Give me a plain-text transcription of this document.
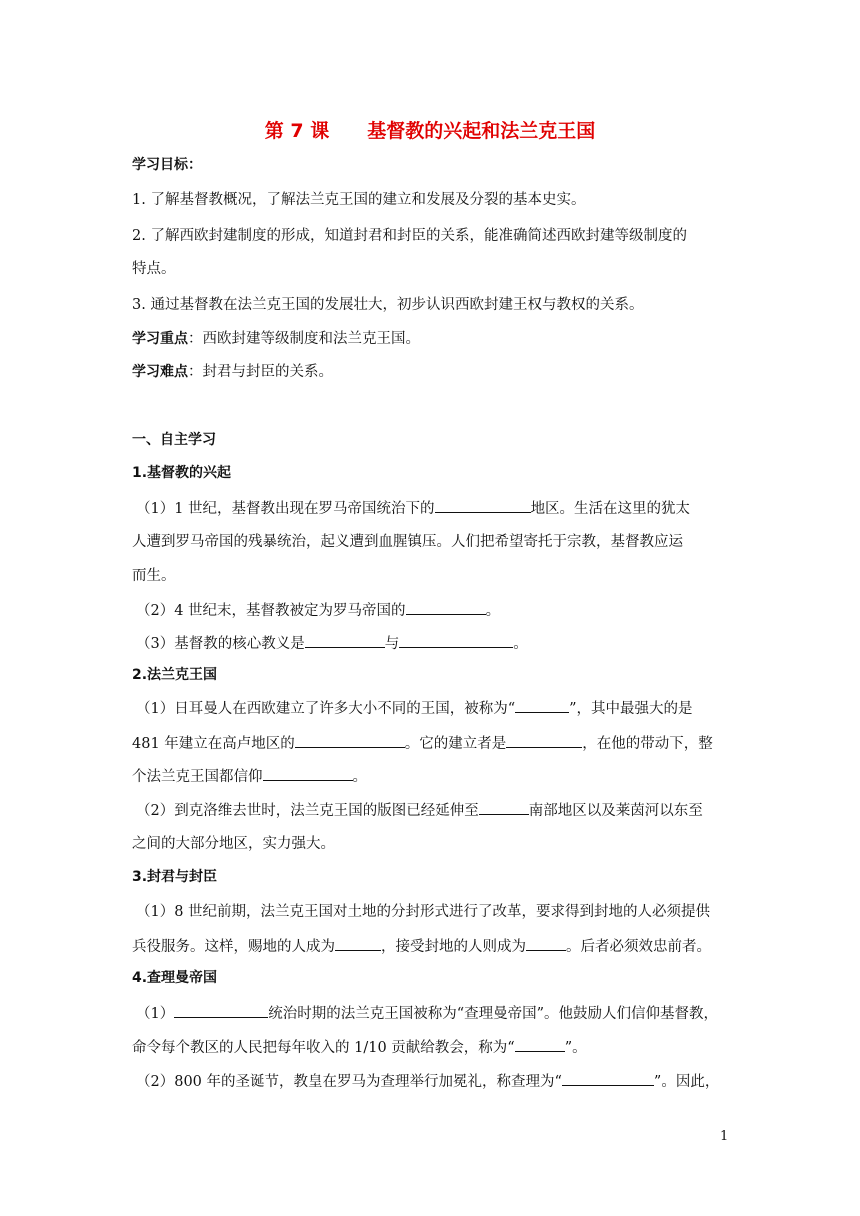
第 7 课　　基督教的兴起和法兰克王国
学习目标：
1. 了解基督教概况，了解法兰克王国的建立和发展及分裂的基本史实。
2. 了解西欧封建制度的形成，知道封君和封臣的关系，能准确简述西欧封建等级制度的
特点。
3. 通过基督教在法兰克王国的发展壮大，初步认识西欧封建王权与教权的关系。
学习重点：西欧封建等级制度和法兰克王国。
学习难点：封君与封臣的关系。
一、自主学习
1.基督教的兴起
（1）1 世纪，基督教出现在罗马帝国统治下的	地区。生活在这里的犹太
人遭到罗马帝国的残暴统治，起义遭到血腥镇压。人们把希望寄托于宗教，基督教应运
而生。
（2）4 世纪末，基督教被定为罗马帝国的	。
（3）基督教的核心教义是	与	。
2.法兰克王国
（1）日耳曼人在西欧建立了许多大小不同的王国，被称为“	”，其中最强大的是
481 年建立在高卢地区的	。它的建立者是	，在他的带动下，整
个法兰克王国都信仰	。
（2）到克洛维去世时，法兰克王国的版图已经延伸至	南部地区以及莱茵河以东至
之间的大部分地区，实力强大。
3.封君与封臣
（1）8 世纪前期，法兰克王国对土地的分封形式进行了改革，要求得到封地的人必须提供
兵役服务。这样，赐地的人成为	，接受封地的人则成为	。后者必须效忠前者。
4.查理曼帝国
（1）	统治时期的法兰克王国被称为“查理曼帝国”。他鼓励人们信仰基督教，
命令每个教区的人民把每年收入的 1/10 贡献给教会，称为“	”。
（2）800 年的圣诞节，教皇在罗马为查理举行加冕礼，称查理为“	”。因此，
1
